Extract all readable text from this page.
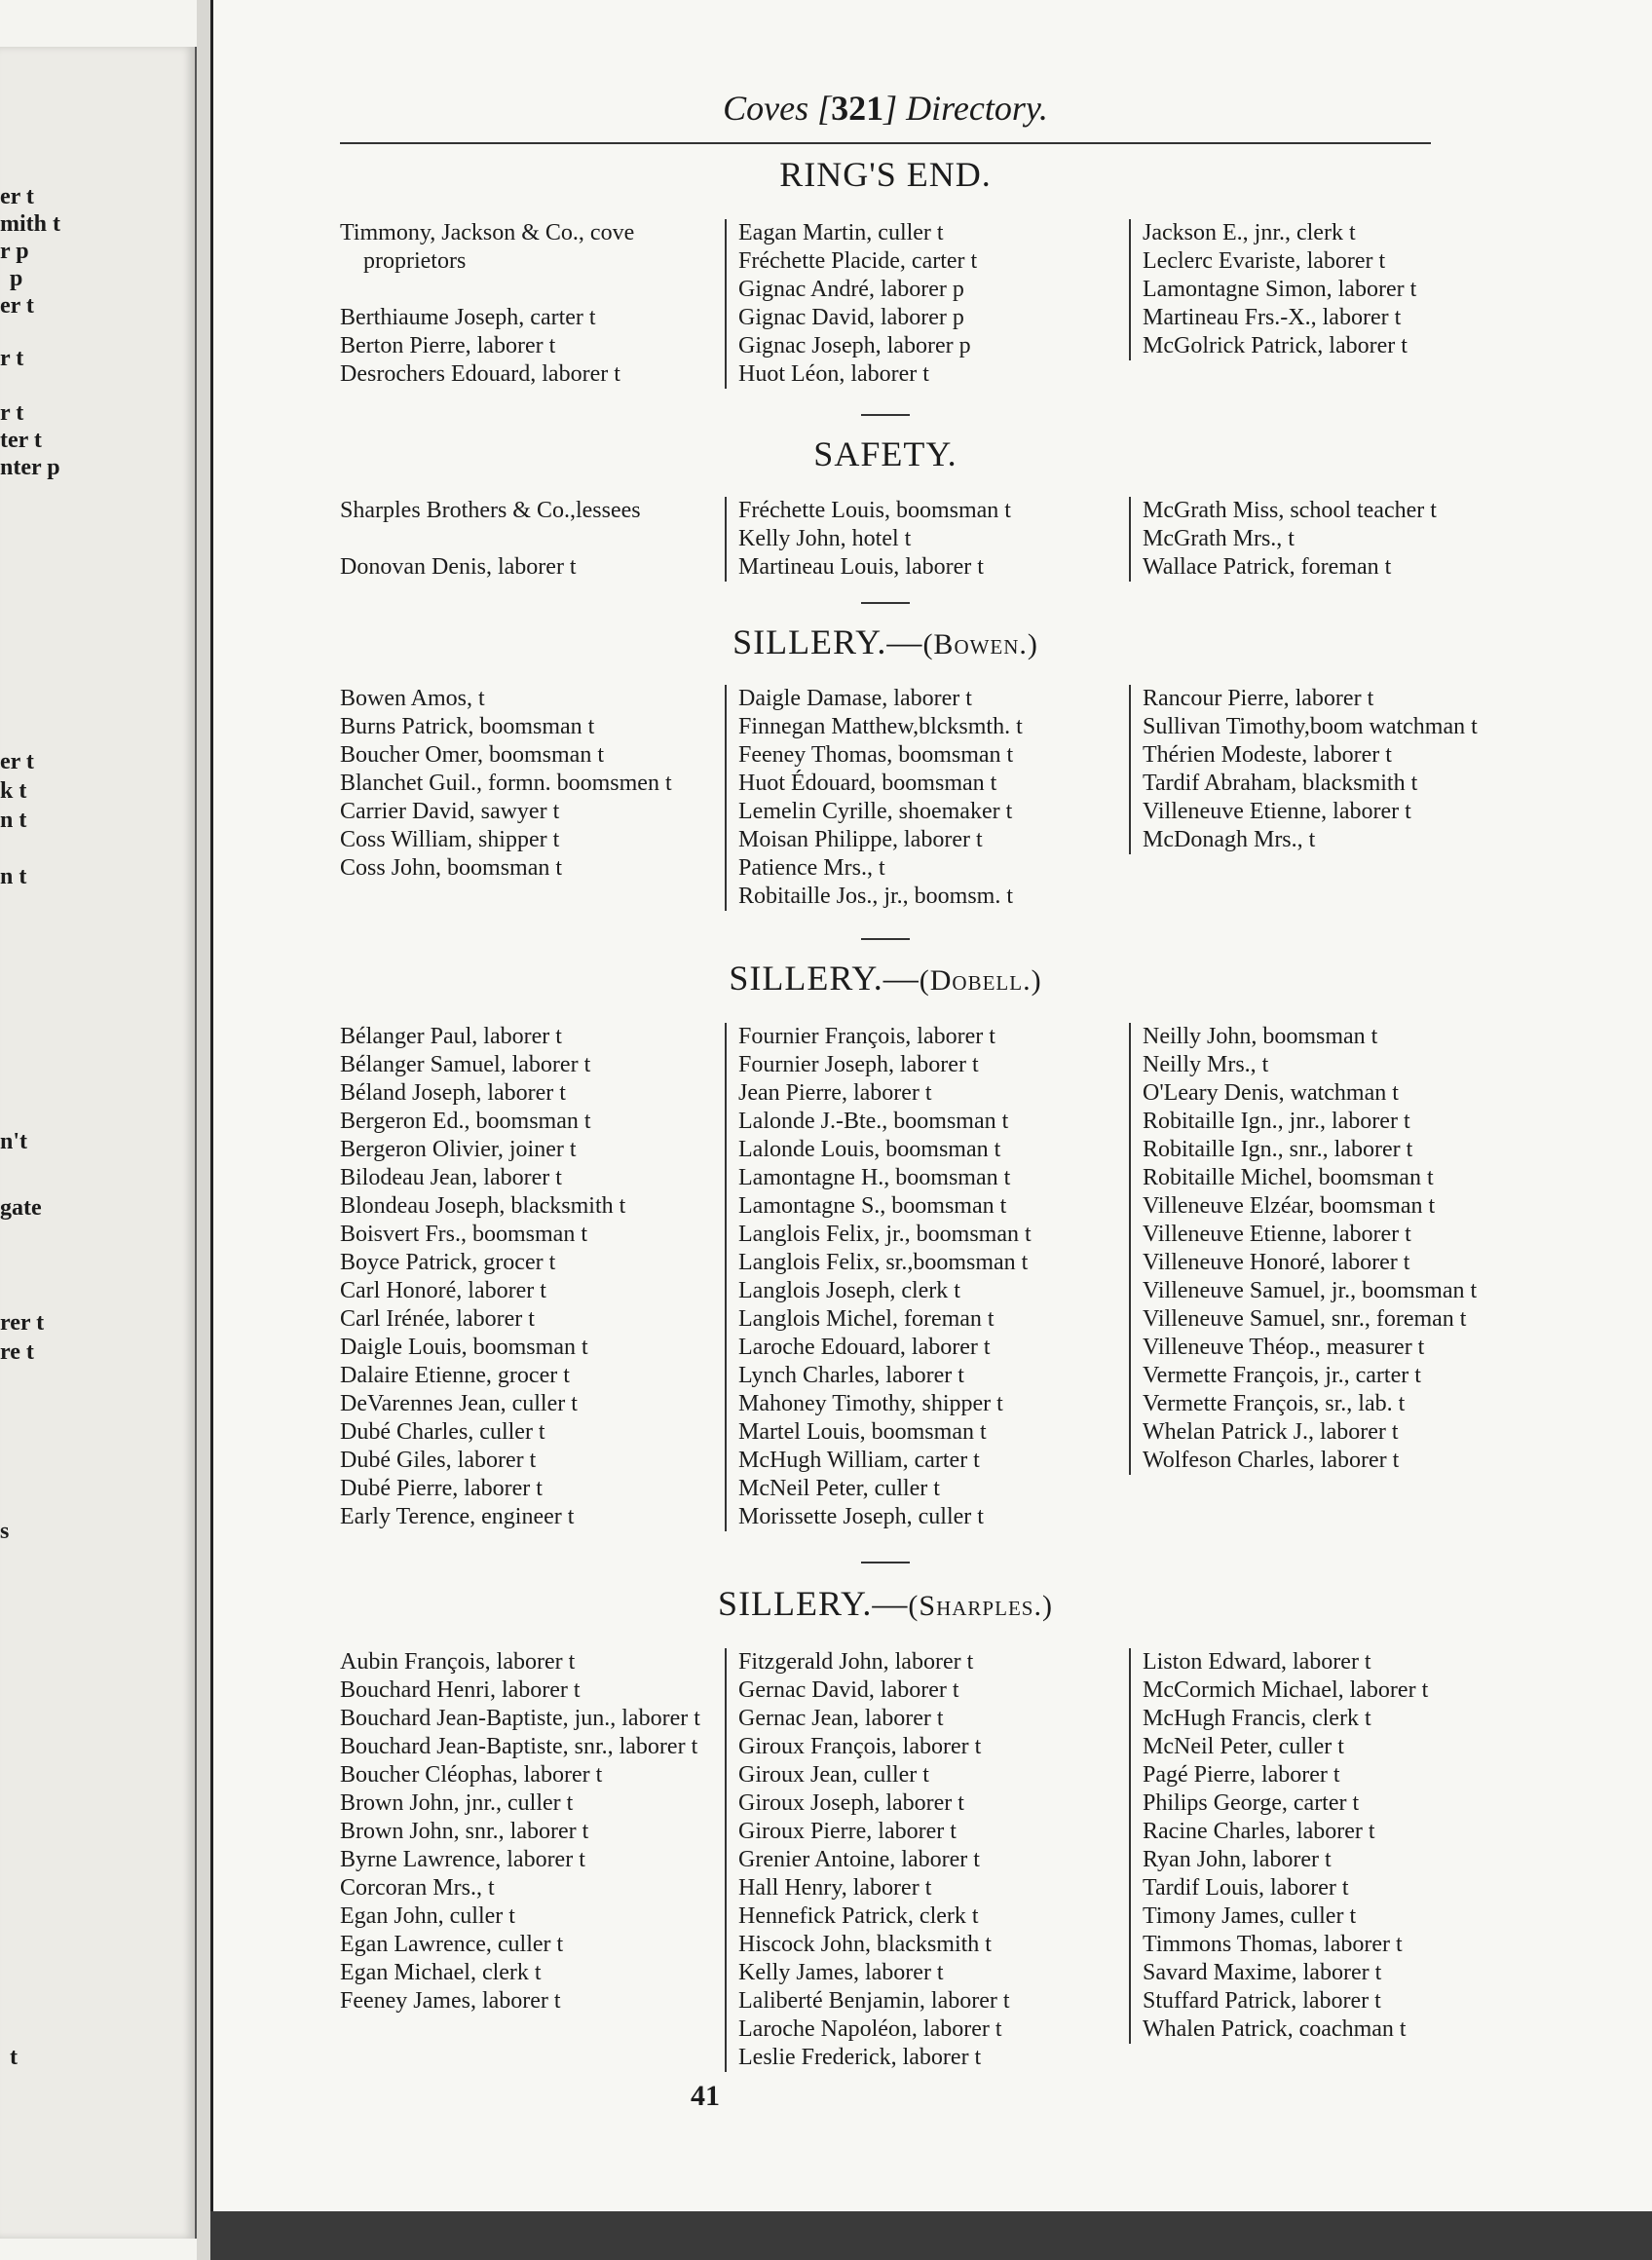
er t
mith t
r p
p
er t
r t
r t
ter t
nter p
er t
k t
n t
n t
n't
gate
rer t
re t
s
t
Coves [321] Directory.
RING'S END.
Timmony, Jackson & Co., cove proprietors
Berthiaume Joseph, carter t
Berton Pierre, laborer t
Desrochers Edouard, laborer t
Eagan Martin, culler t
Fréchette Placide, carter t
Gignac André, laborer p
Gignac David, laborer p
Gignac Joseph, laborer p
Huot Léon, laborer t
Jackson E., jnr., clerk t
Leclerc Evariste, laborer t
Lamontagne Simon, laborer t
Martineau Frs.-X., laborer t
McGolrick Patrick, laborer t
SAFETY.
Sharples Brothers & Co.,lessees
Donovan Denis, laborer t
Fréchette Louis, boomsman t
Kelly John, hotel t
Martineau Louis, laborer t
McGrath Miss, school teacher t
McGrath Mrs., t
Wallace Patrick, foreman t
SILLERY.—(Bowen.)
Bowen Amos, t
Burns Patrick, boomsman t
Boucher Omer, boomsman t
Blanchet Guil., formn. boomsmen t
Carrier David, sawyer t
Coss William, shipper t
Coss John, boomsman t
Daigle Damase, laborer t
Finnegan Matthew,blcksmth. t
Feeney Thomas, boomsman t
Huot Édouard, boomsman t
Lemelin Cyrille, shoemaker t
Moisan Philippe, laborer t
Patience Mrs., t
Robitaille Jos., jr., boomsm. t
Rancour Pierre, laborer t
Sullivan Timothy,boom watchman t
Thérien Modeste, laborer t
Tardif Abraham, blacksmith t
Villeneuve Etienne, laborer t
McDonagh Mrs., t
SILLERY.—(Dobell.)
Bélanger Paul, laborer t
Bélanger Samuel, laborer t
Béland Joseph, laborer t
Bergeron Ed., boomsman t
Bergeron Olivier, joiner t
Bilodeau Jean, laborer t
Blondeau Joseph, blacksmith t
Boisvert Frs., boomsman t
Boyce Patrick, grocer t
Carl Honoré, laborer t
Carl Irénée, laborer t
Daigle Louis, boomsman t
Dalaire Etienne, grocer t
DeVarennes Jean, culler t
Dubé Charles, culler t
Dubé Giles, laborer t
Dubé Pierre, laborer t
Early Terence, engineer t
Fournier François, laborer t
Fournier Joseph, laborer t
Jean Pierre, laborer t
Lalonde J.-Bte., boomsman t
Lalonde Louis, boomsman t
Lamontagne H., boomsman t
Lamontagne S., boomsman t
Langlois Felix, jr., boomsman t
Langlois Felix, sr.,boomsman t
Langlois Joseph, clerk t
Langlois Michel, foreman t
Laroche Edouard, laborer t
Lynch Charles, laborer t
Mahoney Timothy, shipper t
Martel Louis, boomsman t
McHugh William, carter t
McNeil Peter, culler t
Morissette Joseph, culler t
Neilly John, boomsman t
Neilly Mrs., t
O'Leary Denis, watchman t
Robitaille Ign., jnr., laborer t
Robitaille Ign., snr., laborer t
Robitaille Michel, boomsman t
Villeneuve Elzéar, boomsman t
Villeneuve Etienne, laborer t
Villeneuve Honoré, laborer t
Villeneuve Samuel, jr., boomsman t
Villeneuve Samuel, snr., foreman t
Villeneuve Théop., measurer t
Vermette François, jr., carter t
Vermette François, sr., lab. t
Whelan Patrick J., laborer t
Wolfeson Charles, laborer t
SILLERY.—(Sharples.)
Aubin François, laborer t
Bouchard Henri, laborer t
Bouchard Jean-Baptiste, jun., laborer t
Bouchard Jean-Baptiste, snr., laborer t
Boucher Cléophas, laborer t
Brown John, jnr., culler t
Brown John, snr., laborer t
Byrne Lawrence, laborer t
Corcoran Mrs., t
Egan John, culler t
Egan Lawrence, culler t
Egan Michael, clerk t
Feeney James, laborer t
Fitzgerald John, laborer t
Gernac David, laborer t
Gernac Jean, laborer t
Giroux François, laborer t
Giroux Jean, culler t
Giroux Joseph, laborer t
Giroux Pierre, laborer t
Grenier Antoine, laborer t
Hall Henry, laborer t
Hennefick Patrick, clerk t
Hiscock John, blacksmith t
Kelly James, laborer t
Laliberté Benjamin, laborer t
Laroche Napoléon, laborer t
Leslie Frederick, laborer t
Liston Edward, laborer t
McCormich Michael, laborer t
McHugh Francis, clerk t
McNeil Peter, culler t
Pagé Pierre, laborer t
Philips George, carter t
Racine Charles, laborer t
Ryan John, laborer t
Tardif Louis, laborer t
Timony James, culler t
Timmons Thomas, laborer t
Savard Maxime, laborer t
Stuffard Patrick, laborer t
Whalen Patrick, coachman t
41
